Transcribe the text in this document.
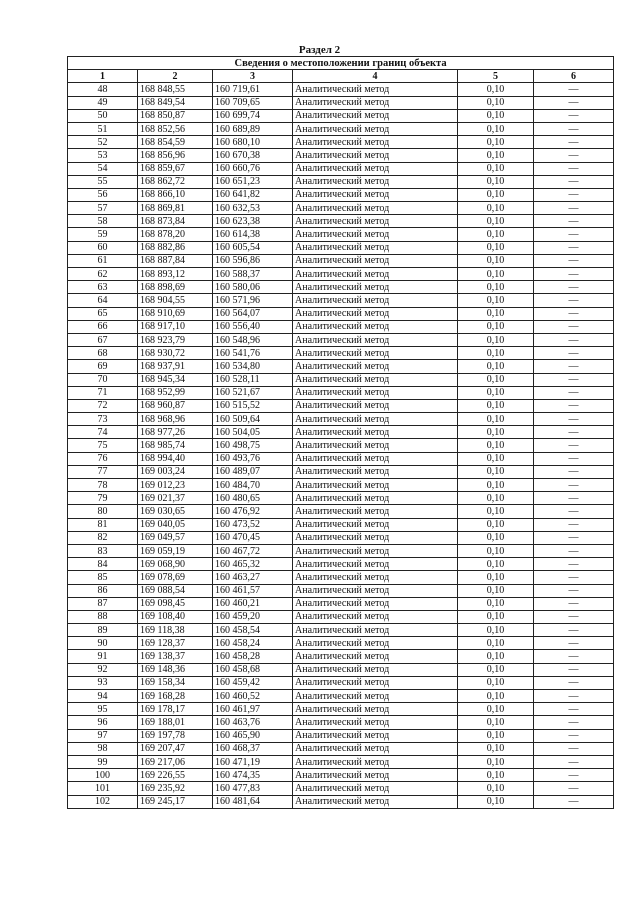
Раздел 2
Сведения о местоположении границ объекта					
1	2	3	4	5	6
48	168 848,55	160 719,61	Аналитический метод	0,10	—
49	168 849,54	160 709,65	Аналитический метод	0,10	—
50	168 850,87	160 699,74	Аналитический метод	0,10	—
51	168 852,56	160 689,89	Аналитический метод	0,10	—
52	168 854,59	160 680,10	Аналитический метод	0,10	—
53	168 856,96	160 670,38	Аналитический метод	0,10	—
54	168 859,67	160 660,76	Аналитический метод	0,10	—
55	168 862,72	160 651,23	Аналитический метод	0,10	—
56	168 866,10	160 641,82	Аналитический метод	0,10	—
57	168 869,81	160 632,53	Аналитический метод	0,10	—
58	168 873,84	160 623,38	Аналитический метод	0,10	—
59	168 878,20	160 614,38	Аналитический метод	0,10	—
60	168 882,86	160 605,54	Аналитический метод	0,10	—
61	168 887,84	160 596,86	Аналитический метод	0,10	—
62	168 893,12	160 588,37	Аналитический метод	0,10	—
63	168 898,69	160 580,06	Аналитический метод	0,10	—
64	168 904,55	160 571,96	Аналитический метод	0,10	—
65	168 910,69	160 564,07	Аналитический метод	0,10	—
66	168 917,10	160 556,40	Аналитический метод	0,10	—
67	168 923,79	160 548,96	Аналитический метод	0,10	—
68	168 930,72	160 541,76	Аналитический метод	0,10	—
69	168 937,91	160 534,80	Аналитический метод	0,10	—
70	168 945,34	160 528,11	Аналитический метод	0,10	—
71	168 952,99	160 521,67	Аналитический метод	0,10	—
72	168 960,87	160 515,52	Аналитический метод	0,10	—
73	168 968,96	160 509,64	Аналитический метод	0,10	—
74	168 977,26	160 504,05	Аналитический метод	0,10	—
75	168 985,74	160 498,75	Аналитический метод	0,10	—
76	168 994,40	160 493,76	Аналитический метод	0,10	—
77	169 003,24	160 489,07	Аналитический метод	0,10	—
78	169 012,23	160 484,70	Аналитический метод	0,10	—
79	169 021,37	160 480,65	Аналитический метод	0,10	—
80	169 030,65	160 476,92	Аналитический метод	0,10	—
81	169 040,05	160 473,52	Аналитический метод	0,10	—
82	169 049,57	160 470,45	Аналитический метод	0,10	—
83	169 059,19	160 467,72	Аналитический метод	0,10	—
84	169 068,90	160 465,32	Аналитический метод	0,10	—
85	169 078,69	160 463,27	Аналитический метод	0,10	—
86	169 088,54	160 461,57	Аналитический метод	0,10	—
87	169 098,45	160 460,21	Аналитический метод	0,10	—
88	169 108,40	160 459,20	Аналитический метод	0,10	—
89	169 118,38	160 458,54	Аналитический метод	0,10	—
90	169 128,37	160 458,24	Аналитический метод	0,10	—
91	169 138,37	160 458,28	Аналитический метод	0,10	—
92	169 148,36	160 458,68	Аналитический метод	0,10	—
93	169 158,34	160 459,42	Аналитический метод	0,10	—
94	169 168,28	160 460,52	Аналитический метод	0,10	—
95	169 178,17	160 461,97	Аналитический метод	0,10	—
96	169 188,01	160 463,76	Аналитический метод	0,10	—
97	169 197,78	160 465,90	Аналитический метод	0,10	—
98	169 207,47	160 468,37	Аналитический метод	0,10	—
99	169 217,06	160 471,19	Аналитический метод	0,10	—
100	169 226,55	160 474,35	Аналитический метод	0,10	—
101	169 235,92	160 477,83	Аналитический метод	0,10	—
102	169 245,17	160 481,64	Аналитический метод	0,10	—
